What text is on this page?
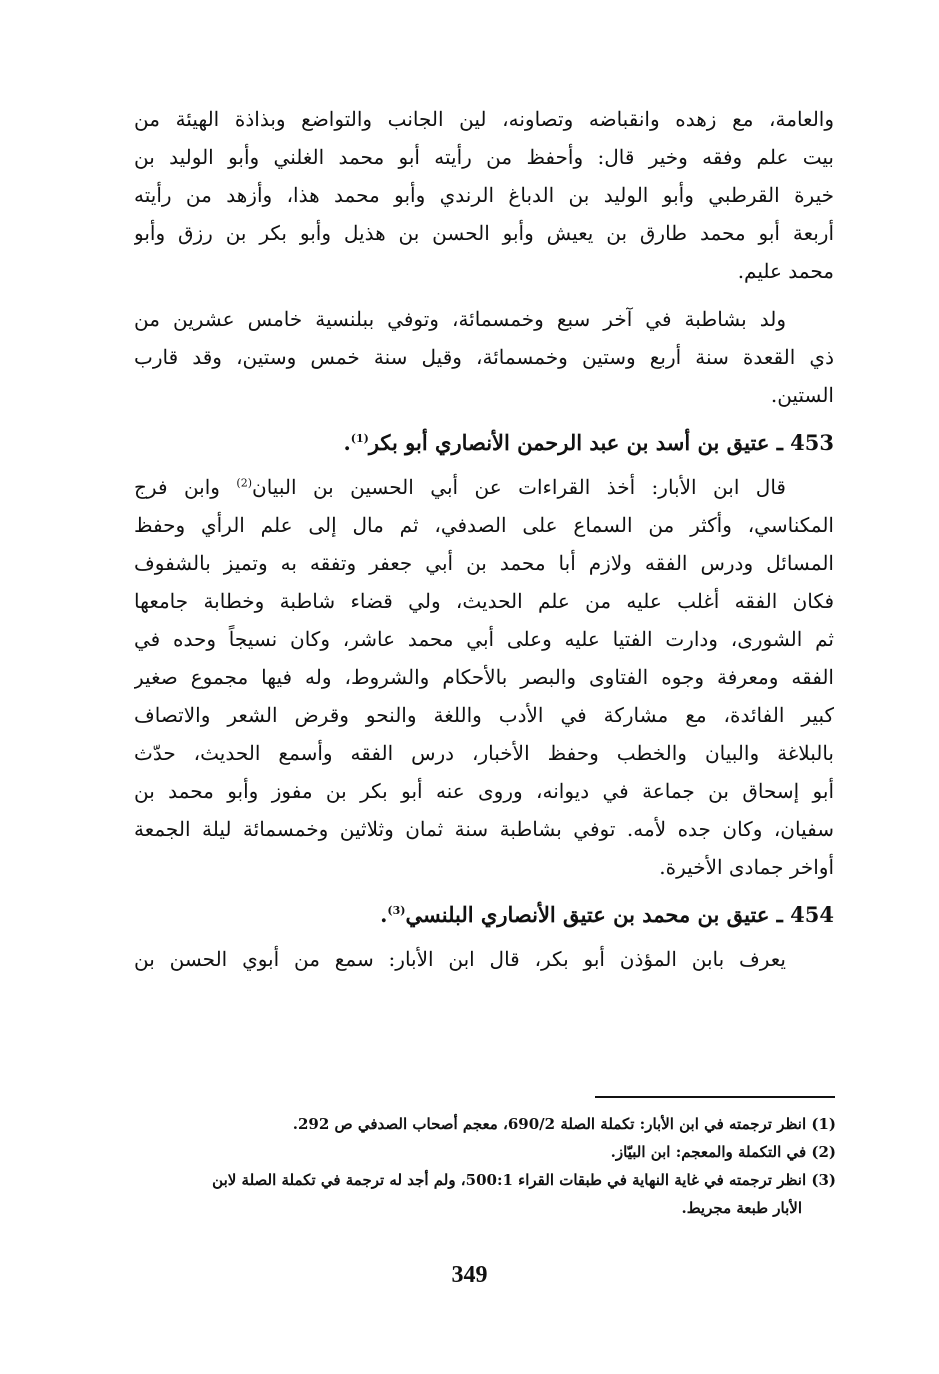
والعامة، مع زهده وانقباضه وتصاونه، لين الجانب والتواضع وبذاذة الهيئة من
بيت علم وفقه وخير قال: وأحفظ من رأيته أبو محمد الغلني وأبو الوليد بن
خيرة القرطبي وأبو الوليد بن الدباغ الرندي وأبو محمد هذا، وأزهد من رأيته
أربعة أبو محمد طارق بن يعيش وأبو الحسن بن هذيل وأبو بكر بن رزق وأبو
محمد عليم.
ولد بشاطبة في آخر سبع وخمسمائة، وتوفي ببلنسية خامس عشرين من
ذي القعدة سنة أربع وستين وخمسمائة، وقيل سنة خمس وستين، وقد قارب
الستين.
453 ـ عتيق بن أسد بن عبد الرحمن الأنصاري أبو بكر$^{(1)}$.
قال ابن الأبار: أخذ القراءات عن أبي الحسين بن البيان$^{(2)}$ وابن فرج
المكناسي، وأكثر من السماع على الصدفي، ثم مال إلى علم الرأي وحفظ
المسائل ودرس الفقه ولازم أبا محمد بن أبي جعفر وتفقه به وتميز بالشفوف
فكان الفقه أغلب عليه من علم الحديث، ولي قضاء شاطبة وخطابة جامعها
ثم الشورى، ودارت الفتيا عليه وعلى أبي محمد عاشر، وكان نسيجاً وحده في
الفقه ومعرفة وجوه الفتاوى والبصر بالأحكام والشروط، وله فيها مجموع صغير
كبير الفائدة، مع مشاركة في الأدب واللغة والنحو وقرض الشعر والاتصاف
بالبلاغة والبيان والخطب وحفظ الأخبار، درس الفقه وأسمع الحديث، حدّث
أبو إسحاق بن جماعة في ديوانه، وروى عنه أبو بكر بن مفوز وأبو محمد بن
سفيان، وكان جده لأمه. توفي بشاطبة سنة ثمان وثلاثين وخمسمائة ليلة الجمعة
أواخر جمادى الأخيرة.
454 ـ عتيق بن محمد بن عتيق الأنصاري البلنسي$^{(3)}$.
يعرف بابن المؤذن أبو بكر، قال ابن الأبار: سمع من أبوي الحسن بن
(1) انظر ترجمته في ابن الأبار: تكملة الصلة 690/2، معجم أصحاب الصدفي ص 292.
(2) في التكملة والمعجم: ابن البيّاز.
(3) انظر ترجمته في غاية النهاية في طبقات القراء 500:1، ولم أجد له ترجمة في تكملة الصلة لابن
الأبار طبعة مجريط.
349
